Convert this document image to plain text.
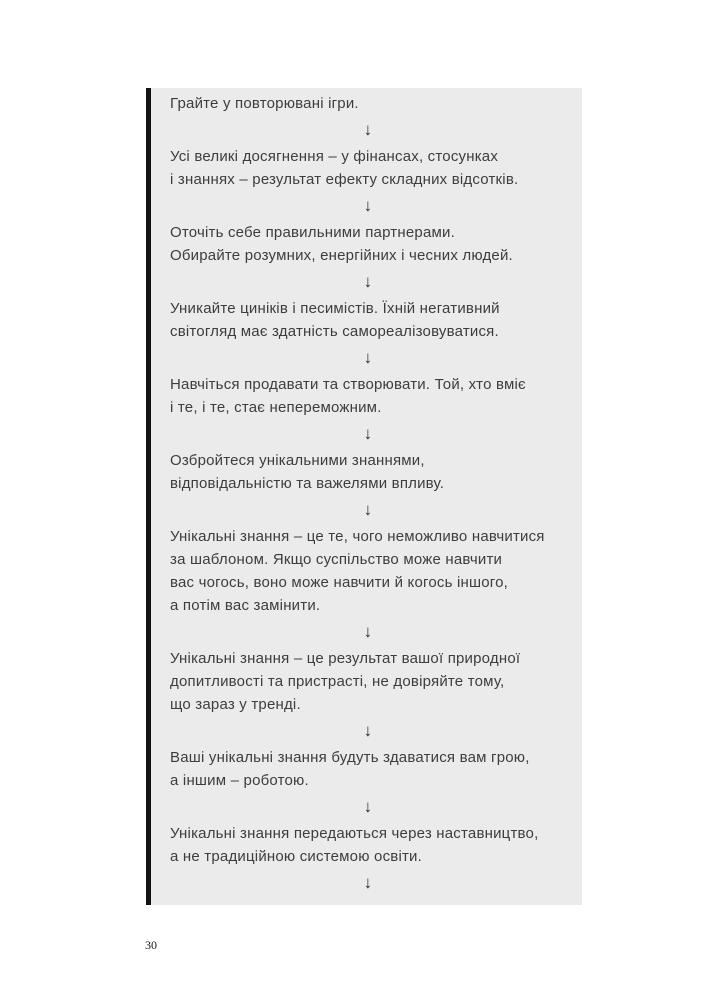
Грайте у повторювані ігри.
↓
Усі великі досягнення – у фінансах, стосунках
і знаннях – результат ефекту складних відсотків.
↓
Оточіть себе правильними партнерами.
Обирайте розумних, енергійних і чесних людей.
↓
Уникайте циніків і песимістів. Їхній негативний
світогляд має здатність самореалізовуватися.
↓
Навчіться продавати та створювати. Той, хто вміє
і те, і те, стає непереможним.
↓
Озбройтеся унікальними знаннями,
відповідальністю та важелями впливу.
↓
Унікальні знання – це те, чого неможливо навчитися
за шаблоном. Якщо суспільство може навчити
вас чогось, воно може навчити й когось іншого,
а потім вас замінити.
↓
Унікальні знання – це результат вашої природної
допитливості та пристрасті, не довіряйте тому,
що зараз у тренді.
↓
Ваші унікальні знання будуть здаватися вам грою,
а іншим – роботою.
↓
Унікальні знання передаються через наставництво,
а не традиційною системою освіти.
↓
30
